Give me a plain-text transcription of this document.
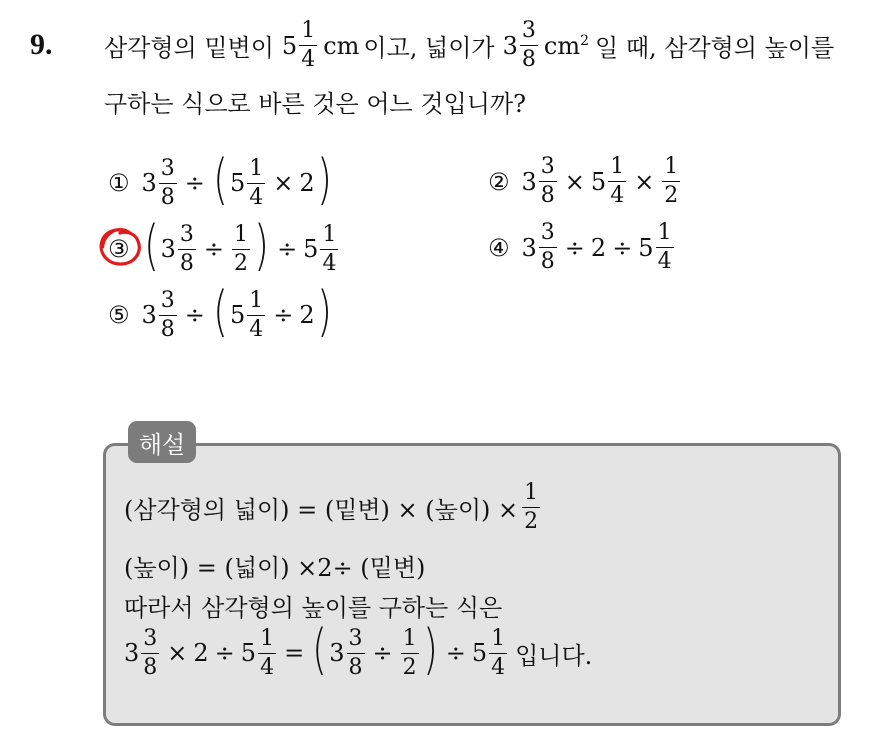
9. 삼각형의 밑변이 $5 \frac{1}{4}$ cm 이고, 넓이가 $3 \frac{3}{8} cm^2$ 일 때, 삼각형의 높이를
구하는 식으로 바른 것은 어느 것입니까?
① $3 \frac{3}{8}$ ÷ ( $5 \frac{1}{4} \times 2$ )	② $3 \frac{3}{8} \times 5 \frac{1}{4} \times \frac{1}{2}$
③ ( $3 \frac{3}{8} \div \frac{1}{2}$ ) ÷ $5 \frac{1}{4}$	④ $3 \frac{3}{8} \div 2 \div 5 \frac{1}{4}$
⑤ $3 \frac{3}{8}$ ÷ ( $5 \frac{1}{4} \div 2$ )
해설
(삼각형의 넓이) = (밑변) × (높이) × $\frac{1}{2}$
(높이) = (넓이) ×2÷ (밑변)
따라서 삼각형의 높이를 구하는 식은
$3 \frac{3}{8} \times 2 \div 5 \frac{1}{4}$ = ( $3 \frac{3}{8} \div \frac{1}{2}$ ) ÷ $5 \frac{1}{4}$ 입니다.
